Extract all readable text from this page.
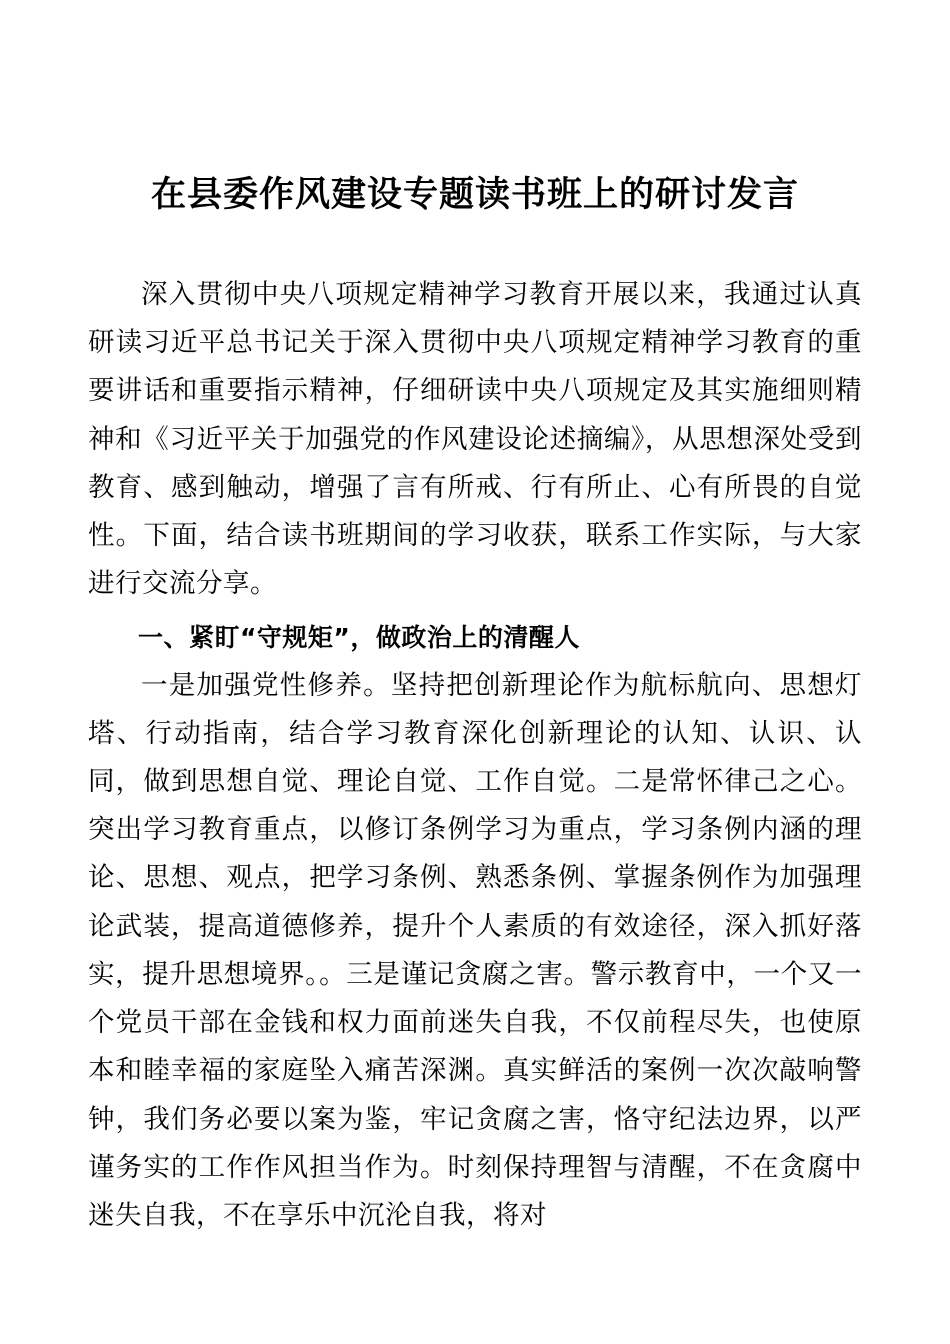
在县委作风建设专题读书班上的研讨发言

深入贯彻中央八项规定精神学习教育开展以来，我通过认真研读习近平总书记关于深入贯彻中央八项规定精神学习教育的重要讲话和重要指示精神，仔细研读中央八项规定及其实施细则精神和《习近平关于加强党的作风建设论述摘编》，从思想深处受到教育、感到触动，增强了言有所戒、行有所止、心有所畏的自觉性。下面，结合读书班期间的学习收获，联系工作实际，与大家进行交流分享。

一、紧盯“守规矩”，做政治上的清醒人

一是加强党性修养。坚持把创新理论作为航标航向、思想灯塔、行动指南，结合学习教育深化创新理论的认知、认识、认同，做到思想自觉、理论自觉、工作自觉。二是常怀律己之心。突出学习教育重点，以修订条例学习为重点，学习条例内涵的理论、思想、观点，把学习条例、熟悉条例、掌握条例作为加强理论武装，提高道德修养，提升个人素质的有效途径，深入抓好落实，提升思想境界。。三是谨记贪腐之害。警示教育中，一个又一个党员干部在金钱和权力面前迷失自我，不仅前程尽失，也使原本和睦幸福的家庭坠入痛苦深渊。真实鲜活的案例一次次敲响警钟，我们务必要以案为鉴，牢记贪腐之害，恪守纪法边界，以严谨务实的工作作风担当作为。时刻保持理智与清醒，不在贪腐中迷失自我，不在享乐中沉沦自我，将对
